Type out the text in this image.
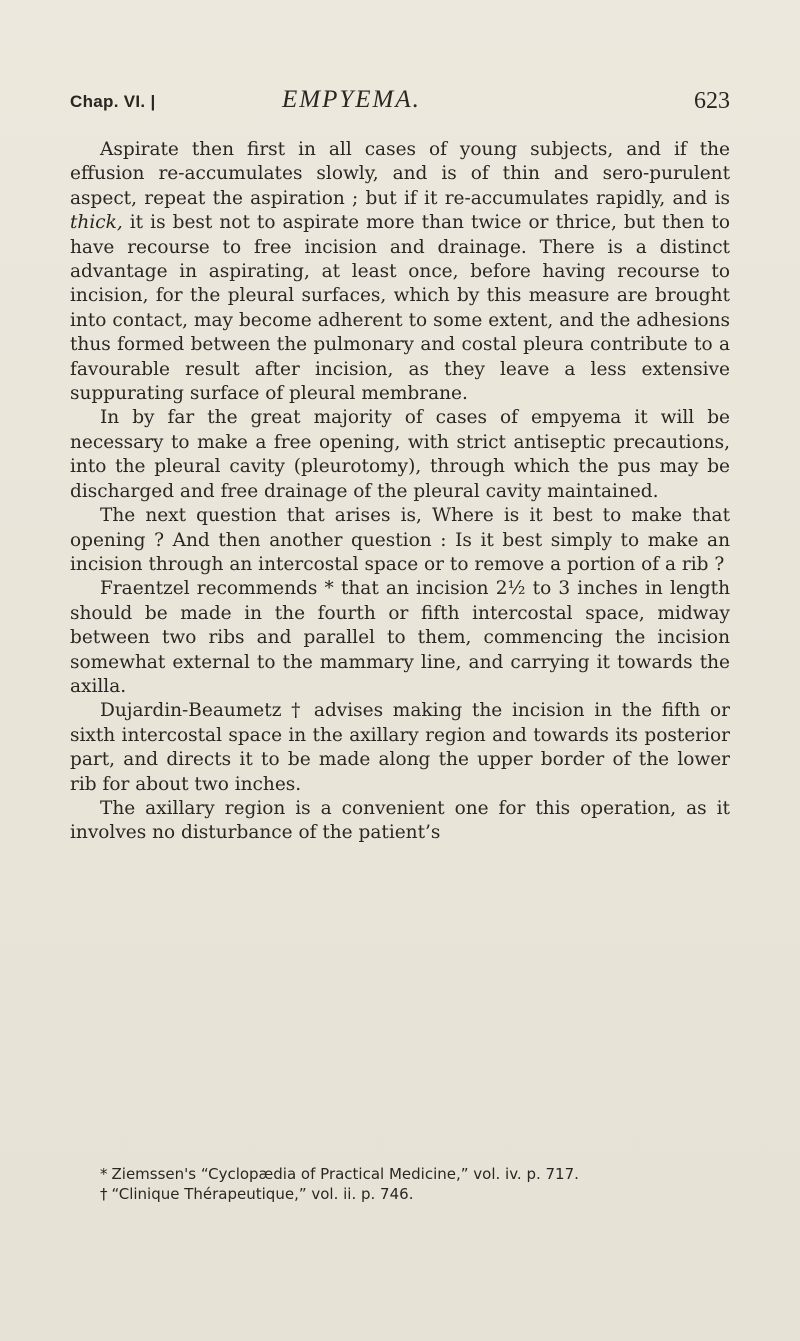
Chap. VI. |	EMPYEMA.	623

Aspirate then first in all cases of young subjects, and if the effusion re-accumulates slowly, and is of thin and sero-purulent aspect, repeat the aspiration ; but if it re-accumulates rapidly, and is thick, it is best not to aspirate more than twice or thrice, but then to have recourse to free incision and drainage. There is a distinct advantage in aspirating, at least once, before having recourse to incision, for the pleural surfaces, which by this measure are brought into contact, may become adherent to some extent, and the adhesions thus formed between the pulmonary and costal pleura contribute to a favourable result after incision, as they leave a less extensive suppurating surface of pleural membrane.

In by far the great majority of cases of empyema it will be necessary to make a free opening, with strict antiseptic precautions, into the pleural cavity (pleurotomy), through which the pus may be discharged and free drainage of the pleural cavity maintained.

The next question that arises is, Where is it best to make that opening ? And then another question : Is it best simply to make an incision through an intercostal space or to remove a portion of a rib ?

Fraentzel recommends * that an incision 2½ to 3 inches in length should be made in the fourth or fifth intercostal space, midway between two ribs and parallel to them, commencing the incision somewhat external to the mammary line, and carrying it towards the axilla.

Dujardin-Beaumetz † advises making the incision in the fifth or sixth intercostal space in the axillary region and towards its posterior part, and directs it to be made along the upper border of the lower rib for about two inches.

The axillary region is a convenient one for this operation, as it involves no disturbance of the patient’s

* Ziemssen's “Cyclopædia of Practical Medicine,” vol. iv. p. 717.

† “Clinique Thérapeutique,” vol. ii. p. 746.
